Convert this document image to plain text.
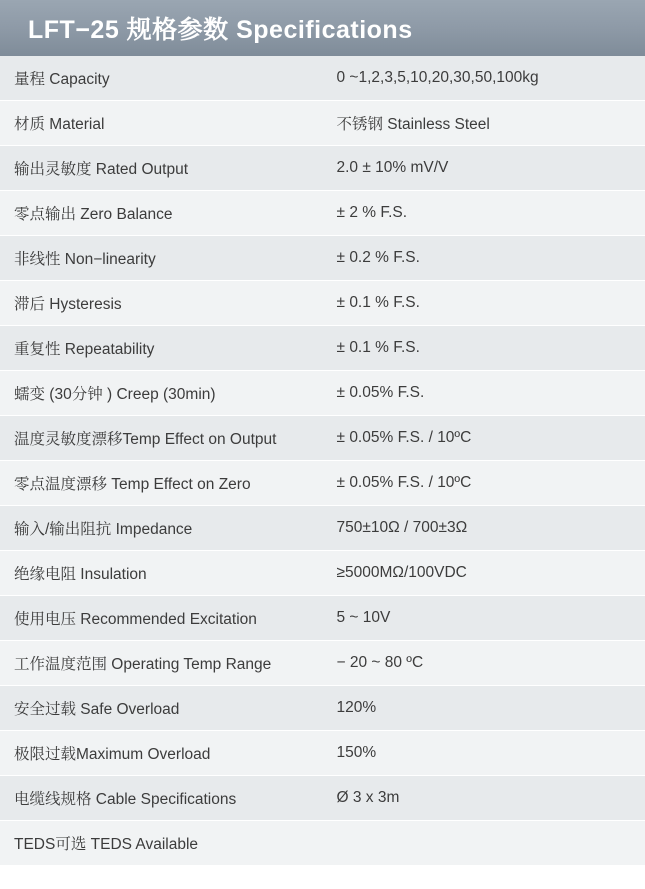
LFT−25 规格参数 Specifications	
量程 Capacity	0 ~1,2,3,5,10,20,30,50,100kg
材质 Material	不锈钢 Stainless Steel
输出灵敏度 Rated Output	2.0 ± 10% mV/V
零点输出 Zero Balance	± 2 % F.S.
非线性 Non−linearity	± 0.2 % F.S.
滞后 Hysteresis	± 0.1 % F.S.
重复性 Repeatability	± 0.1 % F.S.
蠕变 (30分钟 ) Creep (30min)	± 0.05% F.S.
温度灵敏度漂移Temp Effect on Output	± 0.05% F.S. / 10ºC
零点温度漂移 Temp Effect on Zero	± 0.05% F.S. / 10ºC
输入/输出阻抗 Impedance	750±10Ω / 700±3Ω
绝缘电阻 Insulation	≥5000MΩ/100VDC
使用电压 Recommended Excitation	5 ~ 10V
工作温度范围 Operating Temp Range	− 20 ~ 80 ºC
安全过载 Safe Overload	120%
极限过载Maximum Overload	150%
电缆线规格 Cable Specifications	Ø 3 x 3m
TEDS可选 TEDS Available	
